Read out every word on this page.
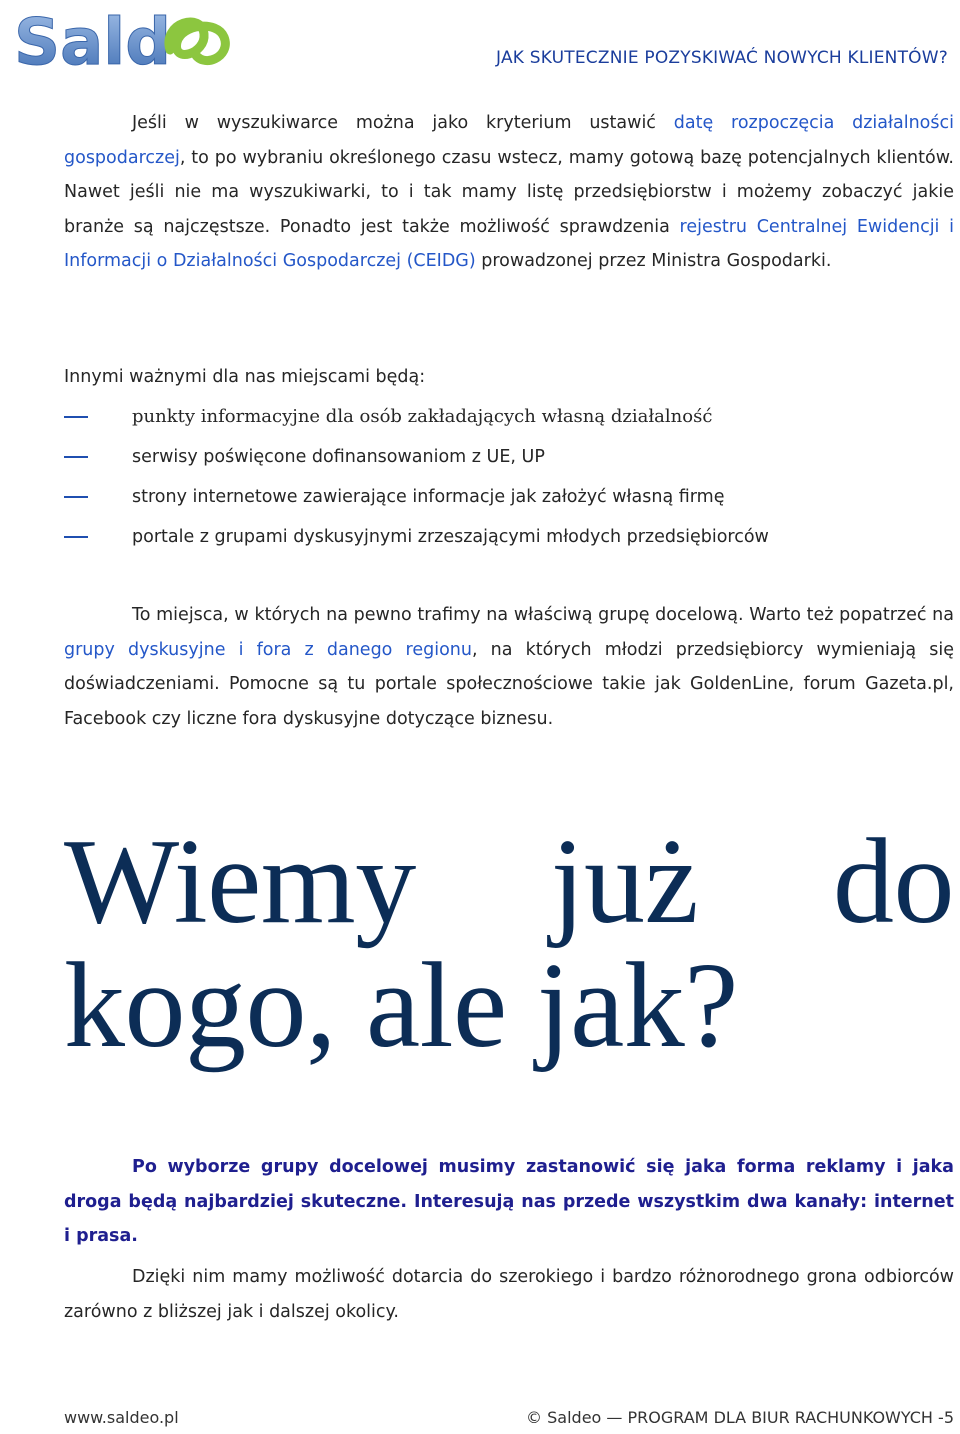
Sald	JAK SKUTECZNIE POZYSKIWAĆ NOWYCH KLIENTÓW?

Jeśli w wyszukiwarce można jako kryterium ustawić datę rozpoczęcia działalności gospodarczej, to po wybraniu określonego czasu wstecz, mamy gotową bazę potencjalnych klientów. Nawet jeśli nie ma wyszukiwarki, to i tak mamy listę przedsiębiorstw i możemy zobaczyć jakie branże są najczęstsze. Ponadto jest także możliwość sprawdzenia rejestru Centralnej Ewidencji i Informacji o Działalności Gospodarczej (CEIDG) prowadzonej przez Ministra Gospodarki.

Innymi ważnymi dla nas miejscami będą:

punkty informacyjne dla osób zakładających własną działalność
serwisy poświęcone dofinansowaniom z UE, UP
strony internetowe zawierające informacje jak założyć własną firmę
portale z grupami dyskusyjnymi zrzeszającymi młodych przedsiębiorców

To miejsca, w których na pewno trafimy na właściwą grupę docelową. Warto też popatrzeć na grupy dyskusyjne i fora z danego regionu, na których młodzi przedsiębiorcy wymieniają się doświadczeniami. Pomocne są tu portale społecznościowe takie jak GoldenLine, forum Gazeta.pl, Facebook czy liczne fora dyskusyjne dotyczące biznesu.

Wiemy już do
kogo, ale jak?

Po wyborze grupy docelowej musimy zastanowić się jaka forma reklamy i jaka droga będą najbardziej skuteczne. Interesują nas przede wszystkim dwa kanały: internet i prasa.

Dzięki nim mamy możliwość dotarcia do szerokiego i bardzo różnorodnego grona odbiorców zarówno z bliższej jak i dalszej okolicy.

www.saldeo.pl	© Saldeo — PROGRAM DLA BIUR RACHUNKOWYCH -5
